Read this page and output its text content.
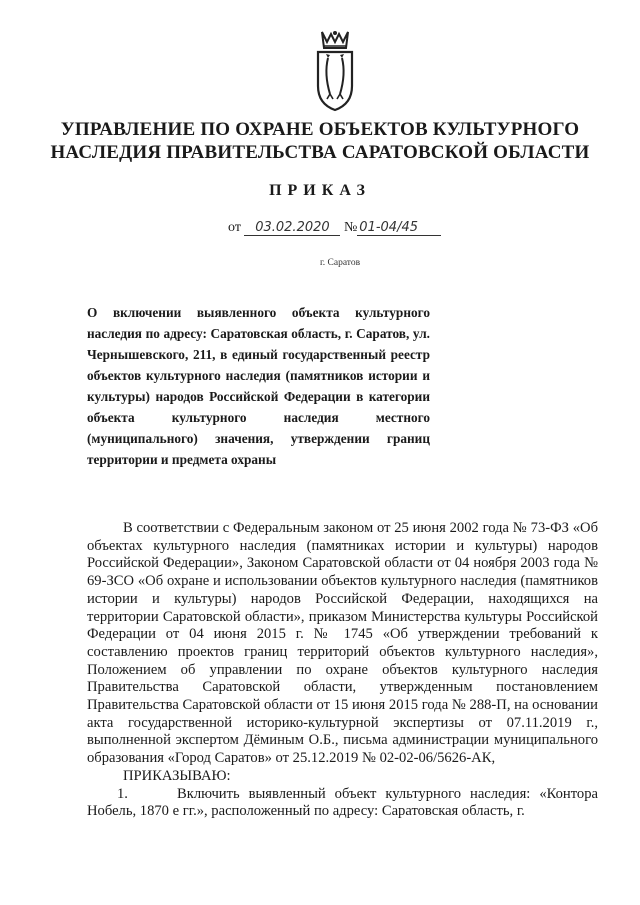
УПРАВЛЕНИЕ ПО ОХРАНЕ ОБЪЕКТОВ КУЛЬТУРНОГО
НАСЛЕДИЯ ПРАВИТЕЛЬСТВА САРАТОВСКОЙ ОБЛАСТИ
ПРИКАЗ
от 03.02.2020 № 01-04/45
г. Саратов
О включении выявленного объекта культурного наследия по адресу: Саратовская область, г. Саратов, ул. Чернышевского, 211, в единый государственный реестр объектов культурного наследия (памятников истории и культуры) народов Российской Федерации в категории объекта культурного наследия местного (муниципального) значения, утверждении границ территории и предмета охраны

В соответствии с Федеральным законом от 25 июня 2002 года № 73-ФЗ «Об объектах культурного наследия (памятниках истории и культуры) народов Российской Федерации», Законом Саратовской области от 04 ноября 2003 года № 69-ЗСО «Об охране и использовании объектов культурного наследия (памятников истории и культуры) народов Российской Федерации, находящихся на территории Саратовской области», приказом Министерства культуры Российской Федерации от 04 июня 2015 г. № 1745 «Об утверждении требований к составлению проектов границ территорий объектов культурного наследия», Положением об управлении по охране объектов культурного наследия Правительства Саратовской области, утвержденным постановлением Правительства Саратовской области от 15 июня 2015 года № 288-П, на основании акта государственной историко-культурной экспертизы от 07.11.2019 г., выполненной экспертом Дёминым О.Б., письма администрации муниципального образования «Город Саратов» от 25.12.2019 № 02-02-06/5626-АК,

ПРИКАЗЫВАЮ:

1.	Включить выявленный объект культурного наследия: «Контора Нобель, 1870 е гг.», расположенный по адресу: Саратовская область, г.
